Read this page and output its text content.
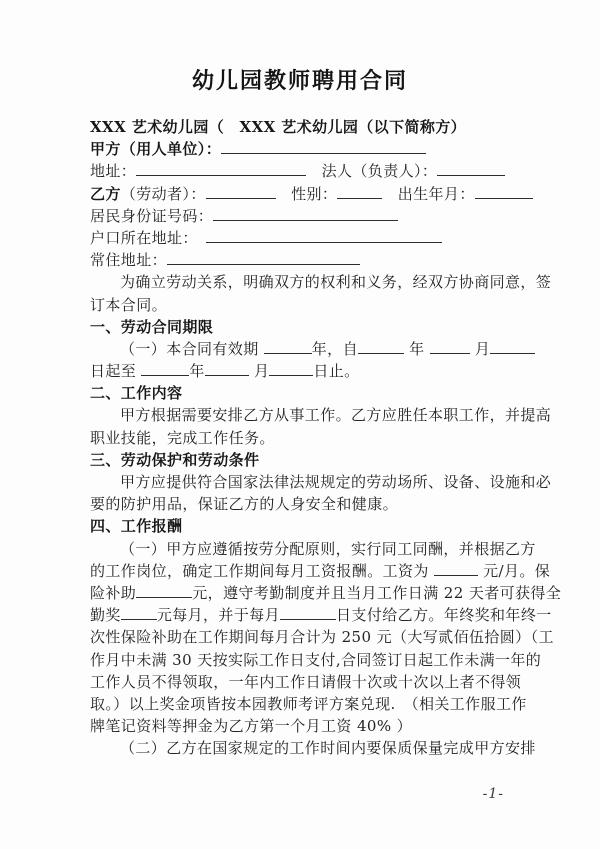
幼儿园教师聘用合同
XXX 艺术幼儿园（　XXX 艺术幼儿园（以下简称方）
甲方（用人单位）：
地址：	　法人（负责人）：
乙方（劳动者）：	　性别：	　出生年月：
居民身份证号码：
户口所在地址：　
常住地址：
为确立劳动关系，明确双方的权利和义务，经双方协商同意，签
订本合同。
一、劳动合同期限
（一）本合同有效期	年，自	年	月
日起至	年	月	日止。
二、工作内容
甲方根据需要安排乙方从事工作。乙方应胜任本职工作，并提高
职业技能，完成工作任务。
三、劳动保护和劳动条件
甲方应提供符合国家法律法规规定的劳动场所、设备、设施和必
要的防护用品，保证乙方的人身安全和健康。
四、工作报酬
（一）甲方应遵循按劳分配原则，实行同工同酬，并根据乙方
的工作岗位，确定工作期间每月工资报酬。工资为	元/月。保
险补助	元，遵守考勤制度并且当月工作日满 22 天者可获得全
勤奖 元每月，并于每月	日支付给乙方。年终奖和年终一
次性保险补助在工作期间每月合计为 250 元（大写贰佰伍拾圆）（工
作月中未满 30 天按实际工作日支付,合同签订日起工作未满一年的
工作人员不得领取，一年内工作日请假十次或十次以上者不得领
取。）以上奖金项皆按本园教师考评方案兑现.　（相关工作服工作
牌笔记资料等押金为乙方第一个月工资 40% ）
（二）乙方在国家规定的工作时间内要保质保量完成甲方安排
-1-
